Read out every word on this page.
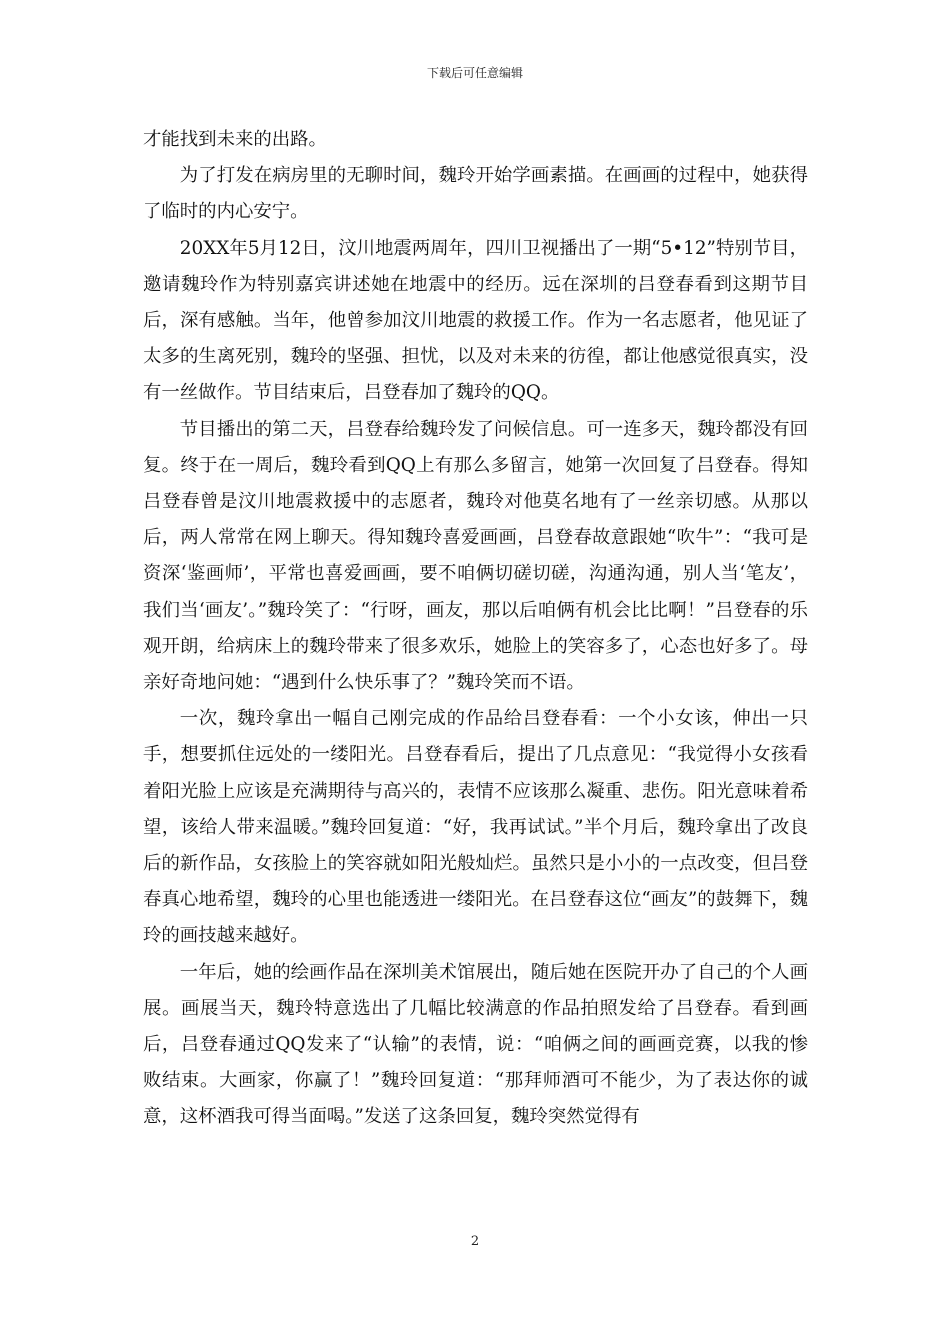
下载后可任意编辑

才能找到未来的出路。

为了打发在病房里的无聊时间，魏玲开始学画素描。在画画的过程中，她获得了临时的内心安宁。

20XX年5月12日，汶川地震两周年，四川卫视播出了一期“5•12”特别节目，邀请魏玲作为特别嘉宾讲述她在地震中的经历。远在深圳的吕登春看到这期节目后，深有感触。当年，他曾参加汶川地震的救援工作。作为一名志愿者，他见证了太多的生离死别，魏玲的坚强、担忧，以及对未来的彷徨，都让他感觉很真实，没有一丝做作。节目结束后，吕登春加了魏玲的QQ。

节目播出的第二天，吕登春给魏玲发了问候信息。可一连多天，魏玲都没有回复。终于在一周后，魏玲看到QQ上有那么多留言，她第一次回复了吕登春。得知吕登春曾是汶川地震救援中的志愿者，魏玲对他莫名地有了一丝亲切感。从那以后，两人常常在网上聊天。得知魏玲喜爱画画，吕登春故意跟她“吹牛”：“我可是资深‘鉴画师’，平常也喜爱画画，要不咱俩切磋切磋，沟通沟通，别人当‘笔友’，我们当‘画友’。”魏玲笑了：“行呀，画友，那以后咱俩有机会比比啊！”吕登春的乐观开朗，给病床上的魏玲带来了很多欢乐，她脸上的笑容多了，心态也好多了。母亲好奇地问她：“遇到什么快乐事了？”魏玲笑而不语。

一次，魏玲拿出一幅自己刚完成的作品给吕登春看：一个小女该，伸出一只手，想要抓住远处的一缕阳光。吕登春看后，提出了几点意见：“我觉得小女孩看着阳光脸上应该是充满期待与高兴的，表情不应该那么凝重、悲伤。阳光意味着希望，该给人带来温暖。”魏玲回复道：“好，我再试试。”半个月后，魏玲拿出了改良后的新作品，女孩脸上的笑容就如阳光般灿烂。虽然只是小小的一点改变，但吕登春真心地希望，魏玲的心里也能透进一缕阳光。在吕登春这位“画友”的鼓舞下，魏玲的画技越来越好。

一年后，她的绘画作品在深圳美术馆展出，随后她在医院开办了自己的个人画展。画展当天，魏玲特意选出了几幅比较满意的作品拍照发给了吕登春。看到画后，吕登春通过QQ发来了“认输”的表情，说：“咱俩之间的画画竞赛，以我的惨败结束。大画家，你赢了！”魏玲回复道：“那拜师酒可不能少，为了表达你的诚意，这杯酒我可得当面喝。”发送了这条回复，魏玲突然觉得有

2
